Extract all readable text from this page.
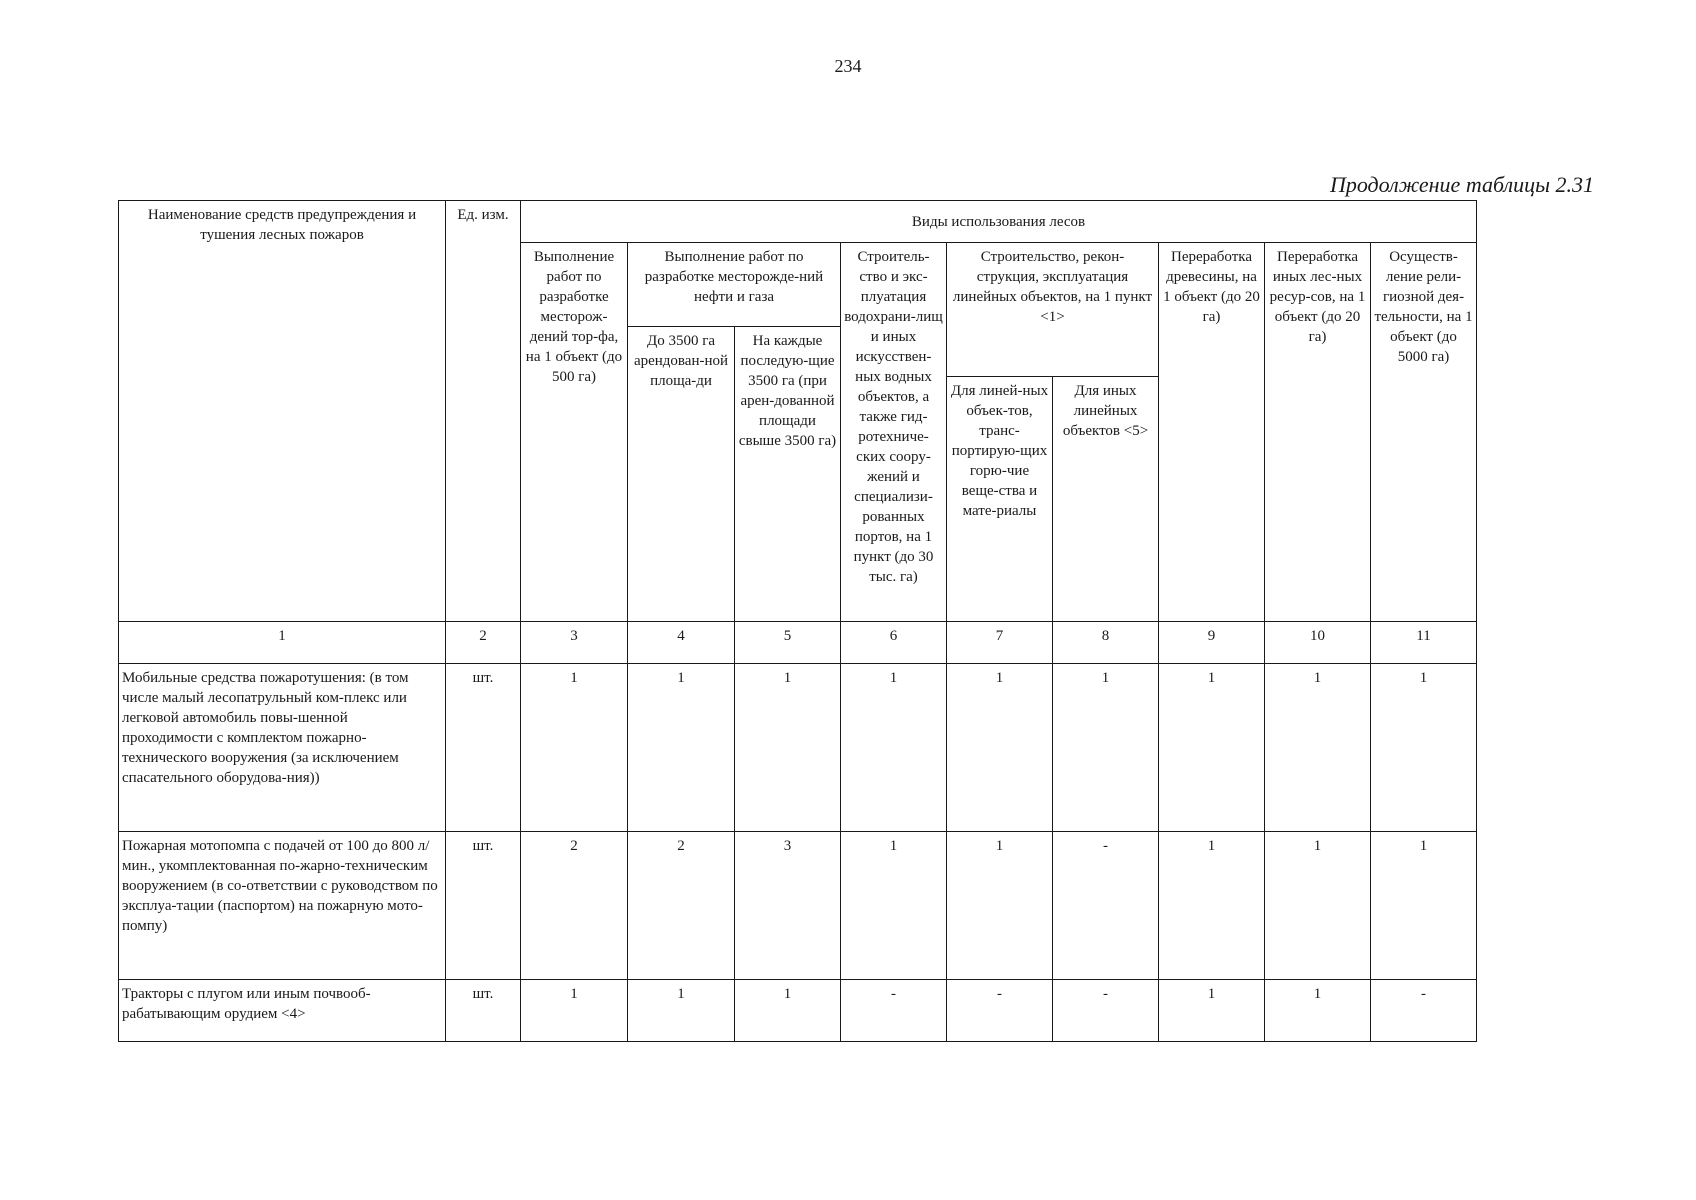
234
Продолжение таблицы 2.31
Наименование средств предупреждения и тушения лесных пожаров	Ед. изм.	Виды использования лесов								
		Выполнение работ по разработке месторож-дений тор-фа, на 1 объект (до 500 га)	Выполнение работ по разработке месторожде-ний нефти и газа		Строитель-ство и экс-плуатация водохрани-лищ и иных искусствен-ных водных объектов, а также гид-ротехниче-ских соору-жений и специализи-рованных портов, на 1 пункт (до 30 тыс. га)	Строительство, рекон-струкция, эксплуатация линейных объектов, на 1 пункт <1>		Переработка древесины, на 1 объект (до 20 га)	Переработка иных лес-ных ресур-сов, на 1 объект (до 20 га)	Осуществ-ление рели-гиозной дея-тельности, на 1 объект (до 5000 га)
			До 3500 га арендован-ной площа-ди	На каждые последую-щие 3500 га (при арен-дованной площади свыше 3500 га)						
						Для линей-ных объек-тов, транс-портирую-щих горю-чие веще-ства и мате-риалы	Для иных линейных объектов <5>			
1	2	3	4	5	6	7	8	9	10	11
Мобильные средства пожаротушения: (в том числе малый лесопатрульный ком-плекс или легковой автомобиль повы-шенной проходимости с комплектом пожарно-технического вооружения (за исключением спасательного оборудова-ния))	шт.	1	1	1	1	1	1	1	1	1
Пожарная мотопомпа с подачей от 100 до 800 л/мин., укомплектованная по-жарно-техническим вооружением (в со-ответствии с руководством по эксплуа-тации (паспортом) на пожарную мото-помпу)	шт.	2	2	3	1	1	-	1	1	1
Тракторы с плугом или иным почвооб-рабатывающим орудием <4>	шт.	1	1	1	-	-	-	1	1	-
